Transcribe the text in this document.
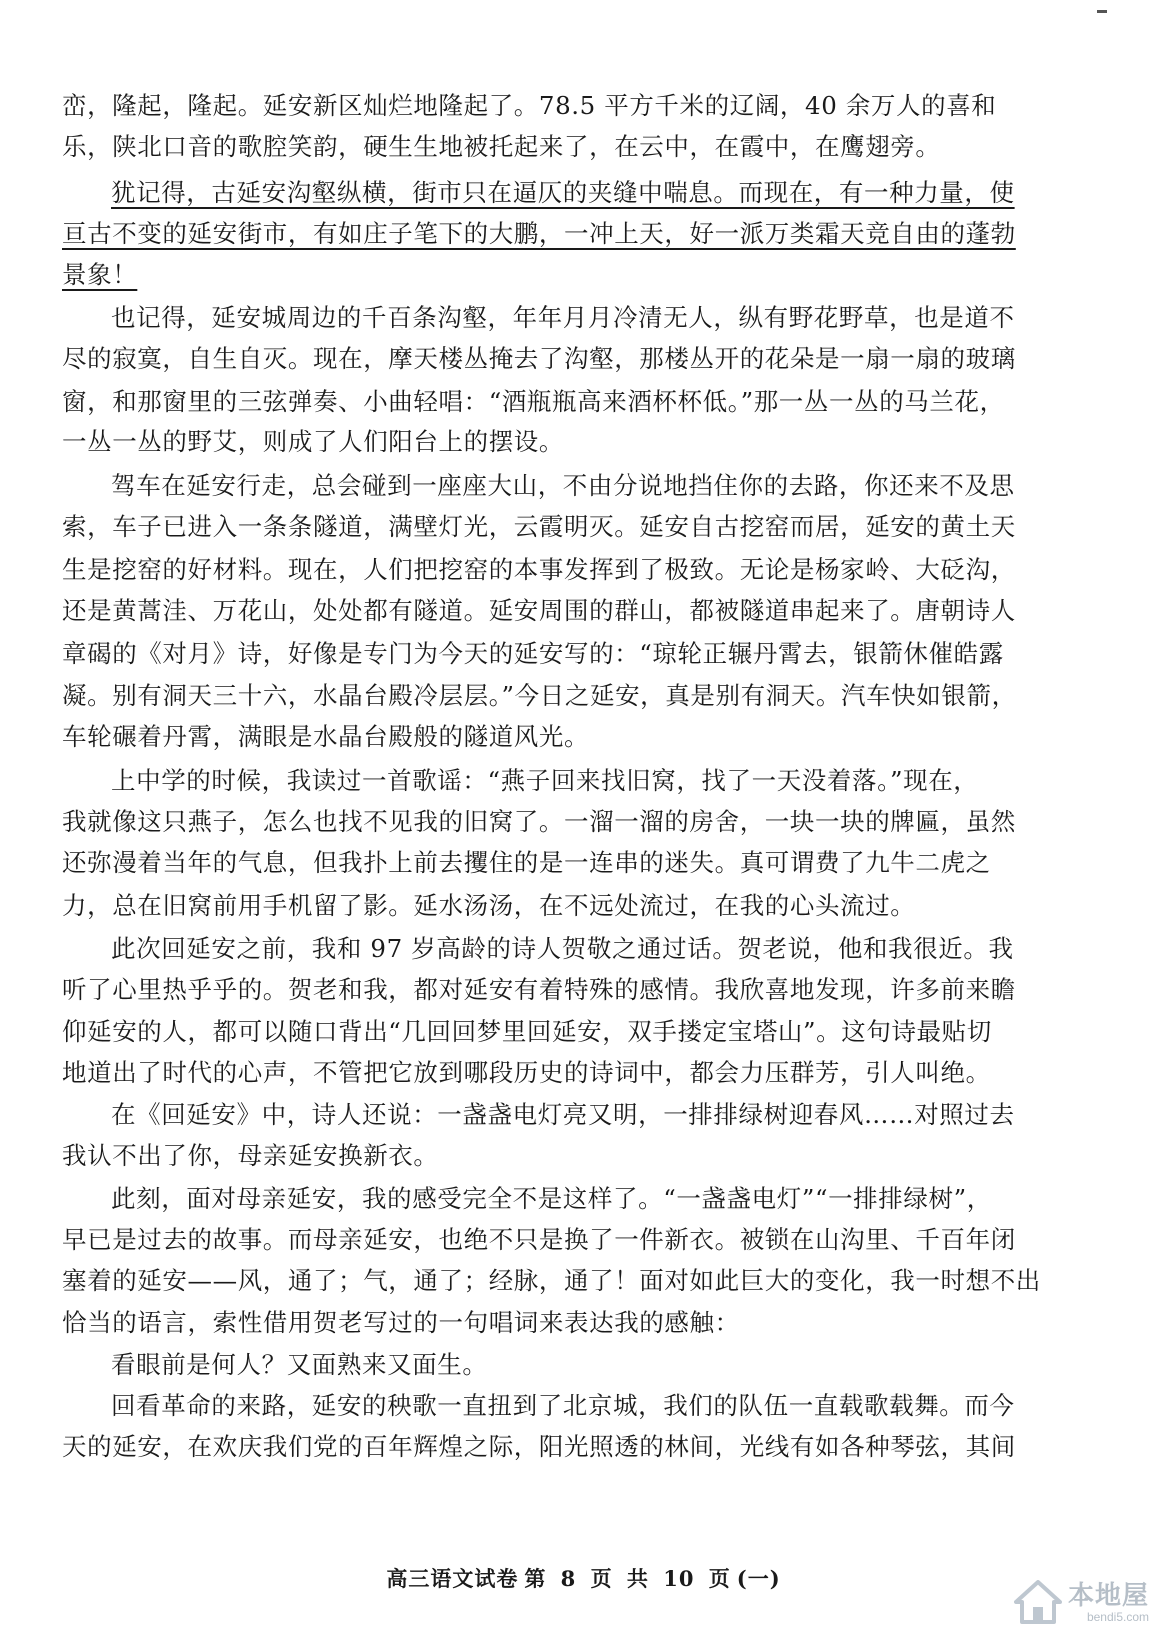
峦，隆起，隆起。延安新区灿烂地隆起了。78.5 平方千米的辽阔，40 余万人的喜和
乐，陕北口音的歌腔笑韵，硬生生地被托起来了，在云中，在霞中，在鹰翅旁。
犹记得，古延安沟壑纵横，街市只在逼仄的夹缝中喘息。而现在，有一种力量，使
亘古不变的延安街市，有如庄子笔下的大鹏，一冲上天，好一派万类霜天竞自由的蓬勃
景象！
也记得，延安城周边的千百条沟壑，年年月月冷清无人，纵有野花野草，也是道不
尽的寂寞，自生自灭。现在，摩天楼丛掩去了沟壑，那楼丛开的花朵是一扇一扇的玻璃
窗，和那窗里的三弦弹奏、小曲轻唱：“酒瓶瓶高来酒杯杯低。”那一丛一丛的马兰花，
一丛一丛的野艾，则成了人们阳台上的摆设。
驾车在延安行走，总会碰到一座座大山，不由分说地挡住你的去路，你还来不及思
索，车子已进入一条条隧道，满壁灯光，云霞明灭。延安自古挖窑而居，延安的黄土天
生是挖窑的好材料。现在，人们把挖窑的本事发挥到了极致。无论是杨家岭、大砭沟，
还是黄蒿洼、万花山，处处都有隧道。延安周围的群山，都被隧道串起来了。唐朝诗人
章碣的《对月》诗，好像是专门为今天的延安写的：“琼轮正辗丹霄去，银箭休催皓露
凝。别有洞天三十六，水晶台殿冷层层。”今日之延安，真是别有洞天。汽车快如银箭，
车轮碾着丹霄，满眼是水晶台殿般的隧道风光。
上中学的时候，我读过一首歌谣：“燕子回来找旧窝，找了一天没着落。”现在，
我就像这只燕子，怎么也找不见我的旧窝了。一溜一溜的房舍，一块一块的牌匾，虽然
还弥漫着当年的气息，但我扑上前去攫住的是一连串的迷失。真可谓费了九牛二虎之
力，总在旧窝前用手机留了影。延水汤汤，在不远处流过，在我的心头流过。
此次回延安之前，我和 97 岁高龄的诗人贺敬之通过话。贺老说，他和我很近。我
听了心里热乎乎的。贺老和我，都对延安有着特殊的感情。我欣喜地发现，许多前来瞻
仰延安的人，都可以随口背出“几回回梦里回延安，双手搂定宝塔山”。这句诗最贴切
地道出了时代的心声，不管把它放到哪段历史的诗词中，都会力压群芳，引人叫绝。
在《回延安》中，诗人还说：一盏盏电灯亮又明，一排排绿树迎春风……对照过去
我认不出了你，母亲延安换新衣。
此刻，面对母亲延安，我的感受完全不是这样了。“一盏盏电灯”“一排排绿树”，
早已是过去的故事。而母亲延安，也绝不只是换了一件新衣。被锁在山沟里、千百年闭
塞着的延安——风，通了；气，通了；经脉，通了！面对如此巨大的变化，我一时想不出
恰当的语言，索性借用贺老写过的一句唱词来表达我的感触：
看眼前是何人？又面熟来又面生。
回看革命的来路，延安的秧歌一直扭到了北京城，我们的队伍一直载歌载舞。而今
天的延安，在欢庆我们党的百年辉煌之际，阳光照透的林间，光线有如各种琴弦，其间
高三语文试卷 第 8 页 共 10 页 (一)
本地屋
bendi5.com
